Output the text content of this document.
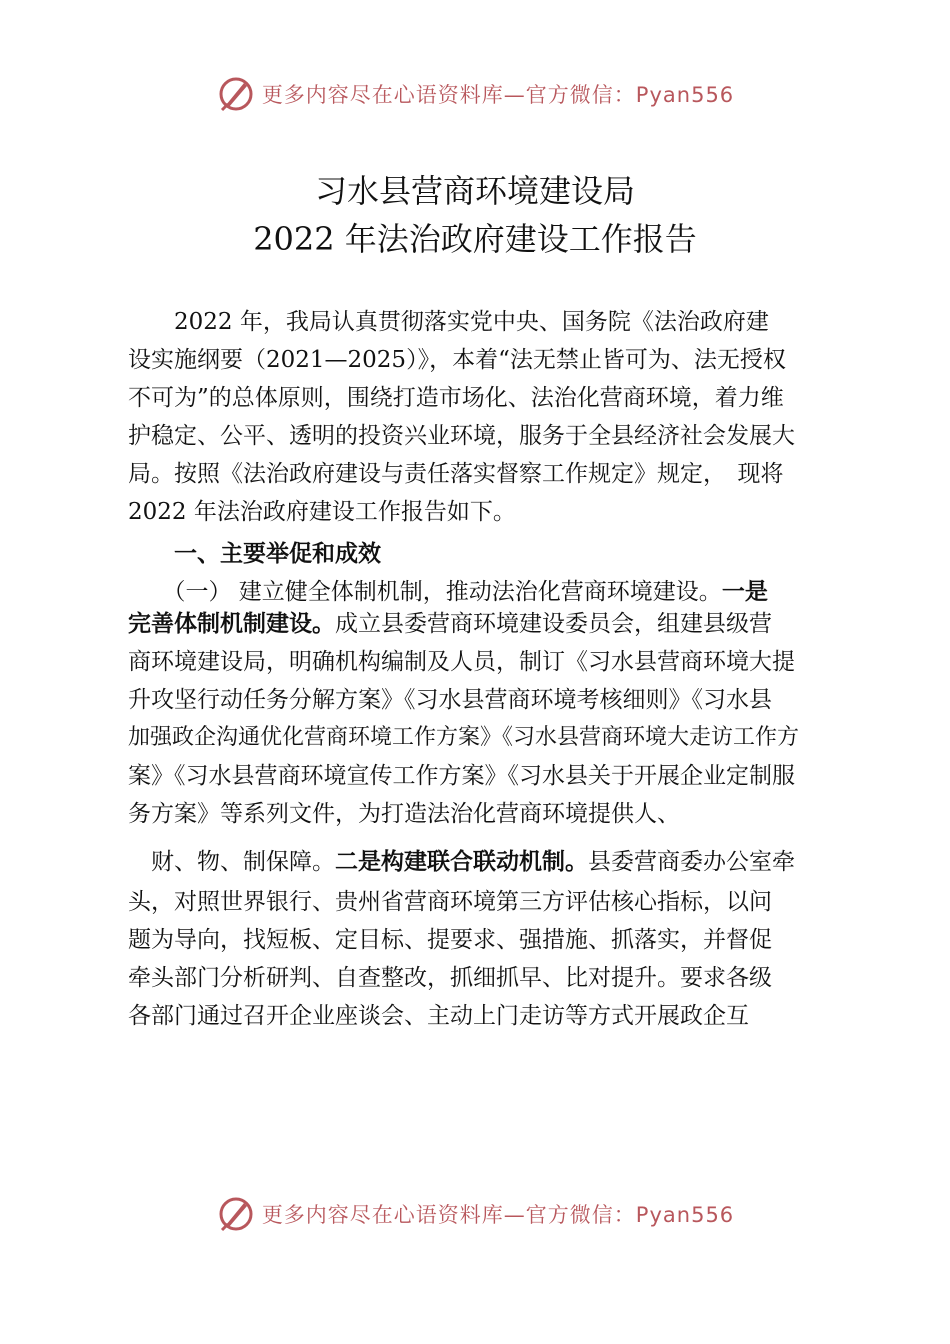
更多内容尽在心语资料库—官方微信：Pyan556
习水县营商环境建设局
2022 年法治政府建设工作报告
　　2022 年，我局认真贯彻落实党中央、国务院《法治政府建
设实施纲要（2021—2025）》，本着“法无禁止皆可为、法无授权
不可为”的总体原则，围绕打造市场化、法治化营商环境，着力维
护稳定、公平、透明的投资兴业环境，服务于全县经济社会发展大
局。按照《法治政府建设与责任落实督察工作规定》规定，　现将
2022 年法治政府建设工作报告如下。
　　一、主要举促和成效
　　（一） 建立健全体制机制，推动法治化营商环境建设。一是
完善体制机制建设。成立县委营商环境建设委员会，组建县级营
商环境建设局，明确机构编制及人员，制订《习水县营商环境大提
升攻坚行动任务分解方案》《习水县营商环境考核细则》《习水县
加强政企沟通优化营商环境工作方案》《习水县营商环境大走访工作方
案》《习水县营商环境宣传工作方案》《习水县关于开展企业定制服
务方案》等系列文件，为打造法治化营商环境提供人、
　财、物、制保障。二是构建联合联动机制。县委营商委办公室牵
头，对照世界银行、贵州省营商环境第三方评估核心指标，以问
题为导向，找短板、定目标、提要求、强措施、抓落实，并督促
牵头部门分析研判、自查整改，抓细抓早、比对提升。要求各级
各部门通过召开企业座谈会、主动上门走访等方式开展政企互
更多内容尽在心语资料库—官方微信：Pyan556
